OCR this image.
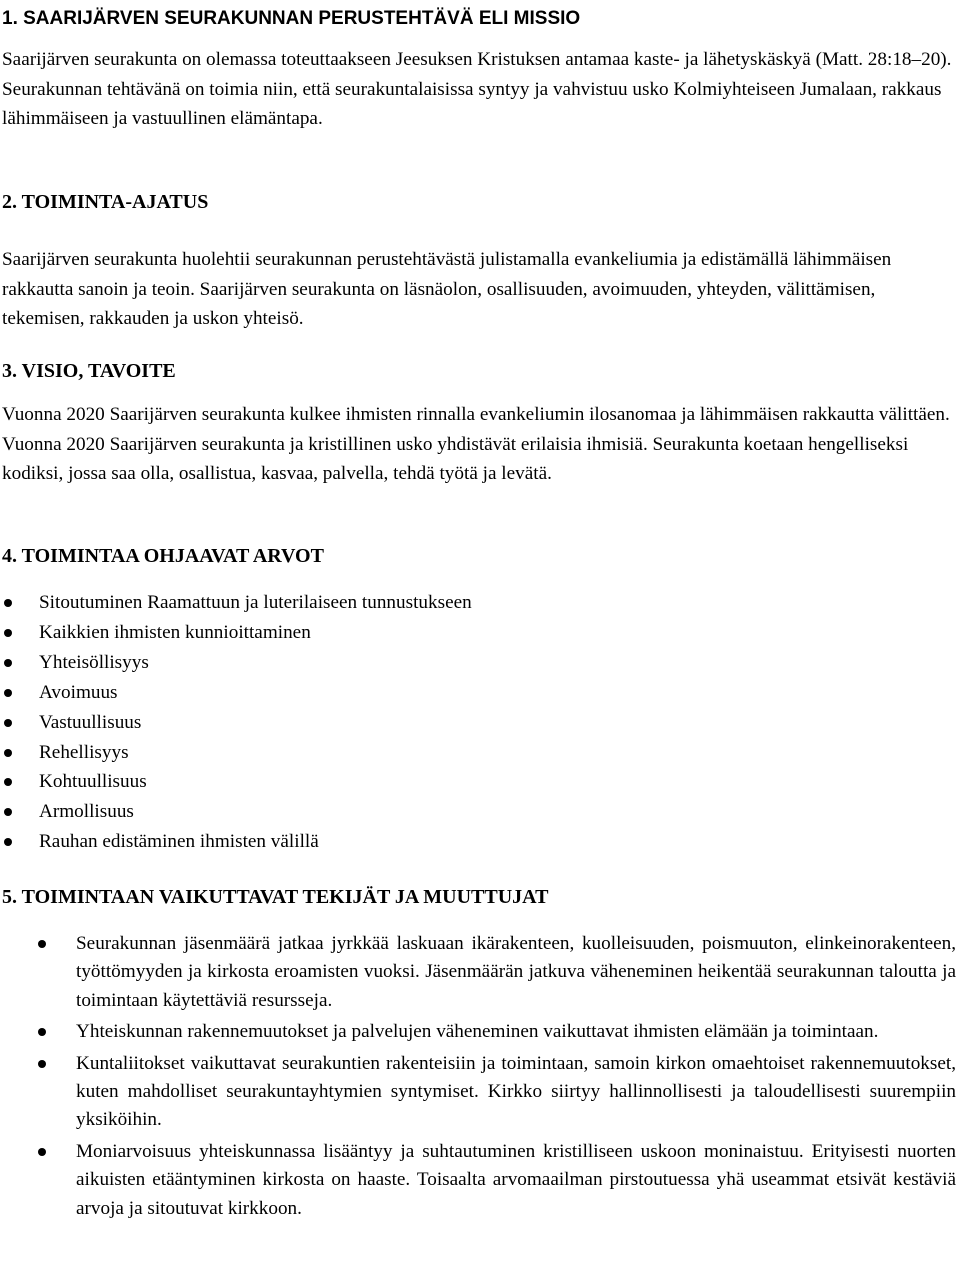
1. SAARIJÄRVEN SEURAKUNNAN PERUSTEHTÄVÄ ELI MISSIO

Saarijärven seurakunta on olemassa toteuttaakseen Jeesuksen Kristuksen antamaa kaste- ja lähetyskäskyä (Matt. 28:18–20). Seurakunnan tehtävänä on toimia niin, että seurakuntalaisissa syntyy ja vahvistuu usko Kolmiyhteiseen Jumalaan, rakkaus lähimmäiseen ja vastuullinen elämäntapa.

2. TOIMINTA-AJATUS

Saarijärven seurakunta huolehtii seurakunnan perustehtävästä julistamalla evankeliumia ja edistämällä lähimmäisen rakkautta sanoin ja teoin. Saarijärven seurakunta on läsnäolon, osallisuuden, avoimuuden, yhteyden, välittämisen, tekemisen, rakkauden ja uskon yhteisö.

3. VISIO, TAVOITE

Vuonna 2020 Saarijärven seurakunta kulkee ihmisten rinnalla evankeliumin ilosanomaa ja lähimmäisen rakkautta välittäen. Vuonna 2020 Saarijärven seurakunta ja kristillinen usko yhdistävät erilaisia ihmisiä. Seurakunta koetaan hengelliseksi kodiksi, jossa saa olla, osallistua, kasvaa, palvella, tehdä työtä ja levätä.

4. TOIMINTAA OHJAAVAT ARVOT
Sitoutuminen Raamattuun ja luterilaiseen tunnustukseen
Kaikkien ihmisten kunnioittaminen
Yhteisöllisyys
Avoimuus
Vastuullisuus
Rehellisyys
Kohtuullisuus
Armollisuus
Rauhan edistäminen ihmisten välillä
5. TOIMINTAAN VAIKUTTAVAT TEKIJÄT JA MUUTTUJAT
Seurakunnan jäsenmäärä jatkaa jyrkkää laskuaan ikärakenteen, kuolleisuuden, poismuuton, elinkeinorakenteen, työttömyyden ja kirkosta eroamisten vuoksi. Jäsenmäärän jatkuva väheneminen heikentää seurakunnan taloutta ja toimintaan käytettäviä resursseja.
Yhteiskunnan rakennemuutokset ja palvelujen väheneminen vaikuttavat ihmisten elämään ja toimintaan.
Kuntaliitokset vaikuttavat seurakuntien rakenteisiin ja toimintaan, samoin kirkon omaehtoiset rakennemuutokset, kuten mahdolliset seurakuntayhtymien syntymiset. Kirkko siirtyy hallinnollisesti ja taloudellisesti suurempiin yksiköihin.
Moniarvoisuus yhteiskunnassa lisääntyy ja suhtautuminen kristilliseen uskoon moninaistuu. Erityisesti nuorten aikuisten etääntyminen kirkosta on haaste. Toisaalta arvomaailman pirstoutuessa yhä useammat etsivät kestäviä arvoja ja sitoutuvat kirkkoon.
